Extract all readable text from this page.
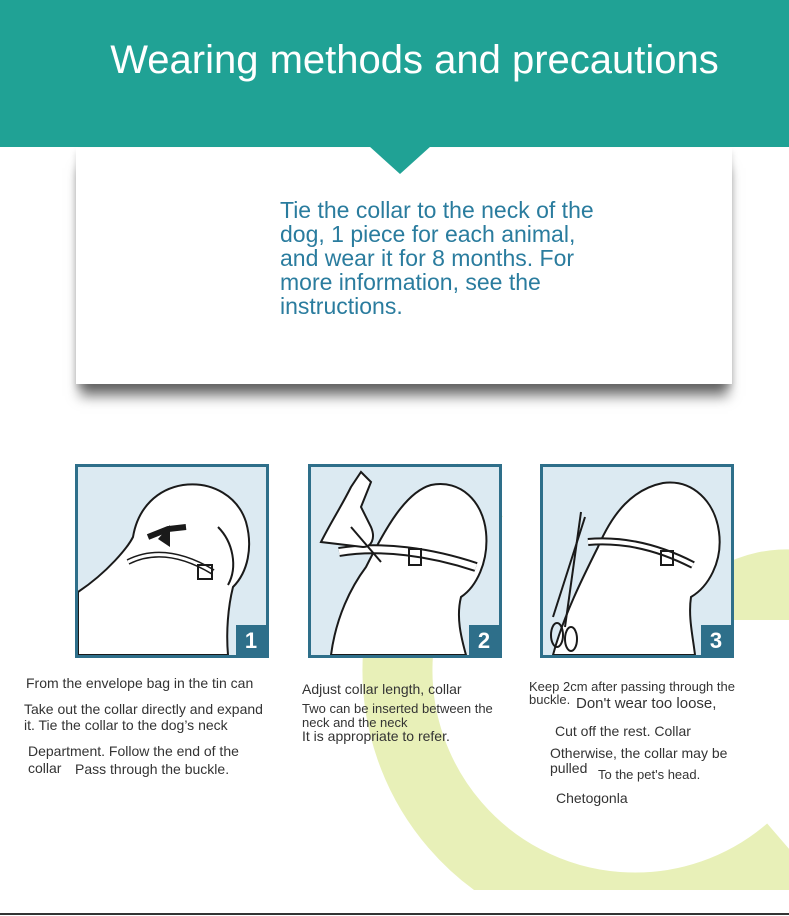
Wearing methods and precautions

Tie the collar to the neck of the dog, 1 piece for each animal, and wear it for 8 months. For more information, see the instructions.

1	2	3

From the envelope bag in the tin can

Take out the collar directly and expand

it. Tie the collar to the dog’s neck

Department. Follow the end of the

collar Pass through the buckle.

Adjust collar length, collar

Two can be inserted between the

neck and the neck

It is appropriate to refer.

Keep 2cm after passing through the

buckle. Don't wear too loose,

Cut off the rest. Collar

Otherwise, the collar may be

pulled To the pet's head.

Chetogonla
